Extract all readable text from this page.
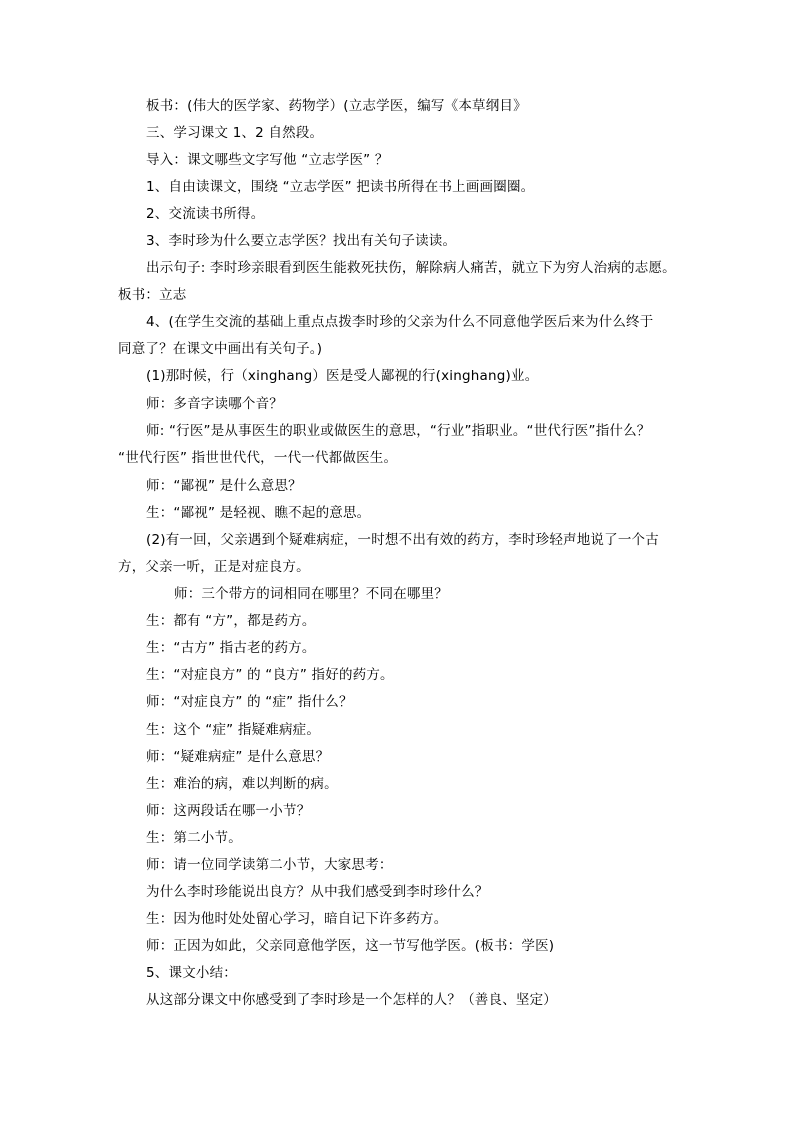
板书：(伟大的医学家、药物学）(立志学医，编写《本草纲目》
三、学习课文 1、2 自然段。
导入：课文哪些文字写他 “立志学医” ？
1、自由读课文，围绕 “立志学医” 把读书所得在书上画画圈圈。
2、交流读书所得。
3、李时珍为什么要立志学医？找出有关句子读读。
出示句子: 李时珍亲眼看到医生能救死扶伤，解除病人痛苦，就立下为穷人治病的志愿。
板书：立志
4、(在学生交流的基础上重点点拨李时珍的父亲为什么不同意他学医后来为什么终于
同意了？在课文中画出有关句子。)
(1)那时候，行（xinghang）医是受人鄙视的行(xinghang)业。
师：多音字读哪个音？
师: “行医”是从事医生的职业或做医生的意思，“行业”指职业。“世代行医”指什么？
“世代行医” 指世世代代，一代一代都做医生。
师：“鄙视” 是什么意思？
生：“鄙视” 是轻视、瞧不起的意思。
(2)有一回，父亲遇到个疑难病症，一时想不出有效的药方，李时珍轻声地说了一个古
方，父亲一听，正是对症良方。
师：三个带方的词相同在哪里？不同在哪里？
生：都有 “方”，都是药方。
生：“古方” 指古老的药方。
生：“对症良方” 的 “良方” 指好的药方。
师：“对症良方” 的 “症” 指什么？
生：这个 “症” 指疑难病症。
师：“疑难病症” 是什么意思？
生：难治的病，难以判断的病。
师：这两段话在哪一小节？
生：第二小节。
师：请一位同学读第二小节，大家思考：
为什么李时珍能说出良方？从中我们感受到李时珍什么？
生：因为他时处处留心学习，暗自记下许多药方。
师：正因为如此，父亲同意他学医，这一节写他学医。(板书：学医)
5、课文小结：
从这部分课文中你感受到了李时珍是一个怎样的人？（善良、坚定）
